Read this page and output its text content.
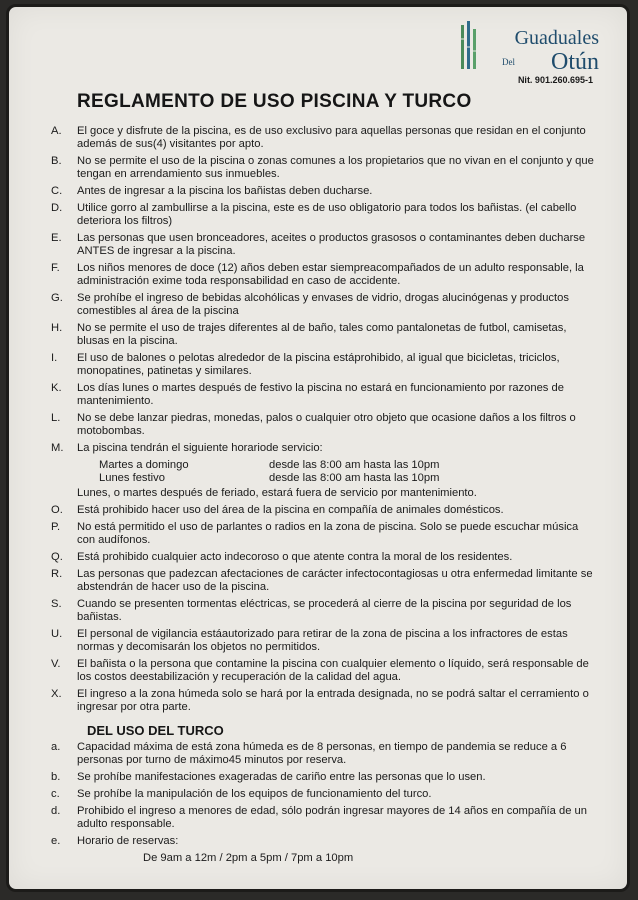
Guaduales
Del Otún
Nit. 901.260.695-1
REGLAMENTO DE USO PISCINA Y TURCO
A.	El goce y disfrute de la piscina, es de uso exclusivo para aquellas personas que residan en el conjunto además de sus(4) visitantes por apto.
B.	No se permite el uso de la piscina o zonas comunes a los propietarios que no vivan en el conjunto y que tengan en arrendamiento sus inmuebles.
C.	Antes de ingresar a la piscina los bañistas deben ducharse.
D.	Utilice gorro al zambullirse a la piscina, este es de uso obligatorio para todos los bañistas. (el cabello deteriora los filtros)
E.	Las personas que usen bronceadores, aceites o productos grasosos o contaminantes deben ducharse ANTES de ingresar a la piscina.
F.	Los niños menores de doce (12) años deben estar siempreacompañados de un adulto responsable, la administración exime toda responsabilidad en caso de accidente.
G.	Se prohíbe el ingreso de bebidas alcohólicas y envases de vidrio, drogas alucinógenas y productos comestibles al área de la piscina
H.	No se permite el uso de trajes diferentes al de baño, tales como pantalonetas de futbol, camisetas, blusas en la piscina.
I.	El uso de balones o pelotas alrededor de la piscina estáprohibido, al igual que bicicletas, triciclos, monopatines, patinetas y similares.
K.	Los días lunes o martes después de festivo la piscina no estará en funcionamiento por razones de mantenimiento.
L.	No se debe lanzar piedras, monedas, palos o cualquier otro objeto que ocasione daños a los filtros o motobombas.
M.	La piscina tendrán el siguiente horariode servicio:
Martes a domingo	desde las 8:00 am hasta las 10pm
Lunes festivo	desde las 8:00 am hasta las 10pm
Lunes, o martes después de feriado, estará fuera de servicio por mantenimiento.
O.	Está prohibido hacer uso del área de la piscina en compañía de animales domésticos.
P.	No está permitido el uso de parlantes o radios en la zona de piscina. Solo se puede escuchar música con audífonos.
Q.	Está prohibido cualquier acto indecoroso o que atente contra la moral de los residentes.
R.	Las personas que padezcan afectaciones de carácter infectocontagiosas u otra enfermedad limitante se abstendrán de hacer uso de la piscina.
S.	Cuando se presenten tormentas eléctricas, se procederá al cierre de la piscina por seguridad de los bañistas.
U.	El personal de vigilancia estáautorizado para retirar de la zona de piscina a los infractores de estas normas y decomisarán los objetos no permitidos.
V.	El bañista o la persona que contamine la piscina con cualquier elemento o líquido, será responsable de los costos deestabilización y recuperación de la calidad del agua.
X.	El ingreso a la zona húmeda solo se hará por la entrada designada, no se podrá saltar el cerramiento o ingresar por otra parte.
DEL USO DEL TURCO
a.	Capacidad máxima de está zona húmeda es de 8 personas, en tiempo de pandemia se reduce a 6 personas por turno de máximo45 minutos por reserva.
b.	Se prohíbe manifestaciones exageradas de cariño entre las personas que lo usen.
c.	Se prohíbe la manipulación de los equipos de funcionamiento del turco.
d.	Prohibido el ingreso a menores de edad, sólo podrán ingresar mayores de 14 años en compañía de un adulto responsable.
e.	Horario de reservas:
De 9am a 12m / 2pm a 5pm / 7pm a 10pm
